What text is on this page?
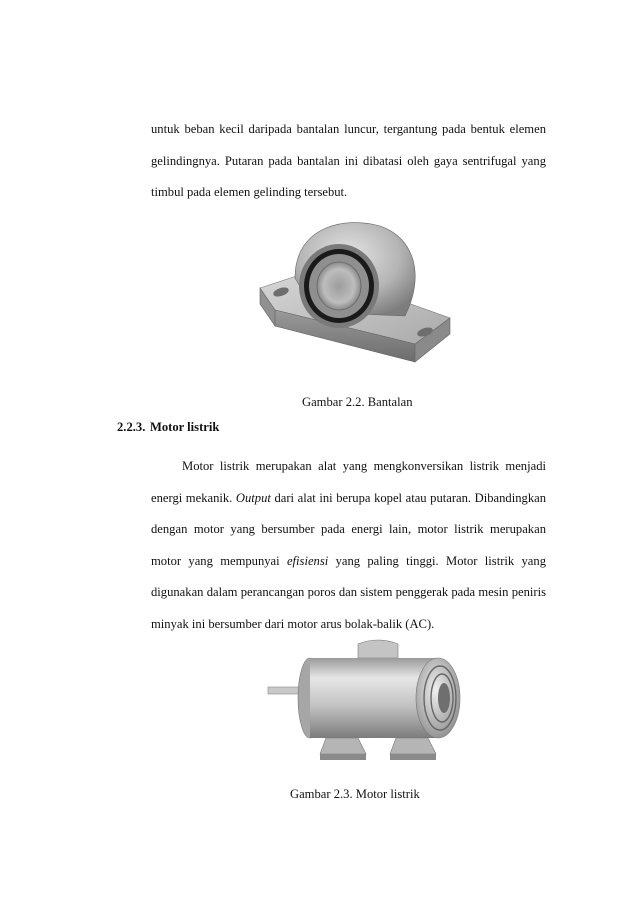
untuk beban kecil daripada bantalan luncur, tergantung pada bentuk elemen gelindingnya. Putaran pada bantalan ini dibatasi oleh gaya sentrifugal yang timbul pada elemen gelinding tersebut.

Gambar 2.2. Bantalan

2.2.3. Motor listrik

Motor listrik merupakan alat yang mengkonversikan listrik menjadi energi mekanik. Output dari alat ini berupa kopel atau putaran. Dibandingkan dengan motor yang bersumber pada energi lain, motor listrik merupakan motor yang mempunyai efisiensi yang paling tinggi. Motor listrik yang digunakan dalam perancangan poros dan sistem penggerak pada mesin peniris minyak ini bersumber dari motor arus bolak-balik (AC).

Gambar 2.3. Motor listrik
